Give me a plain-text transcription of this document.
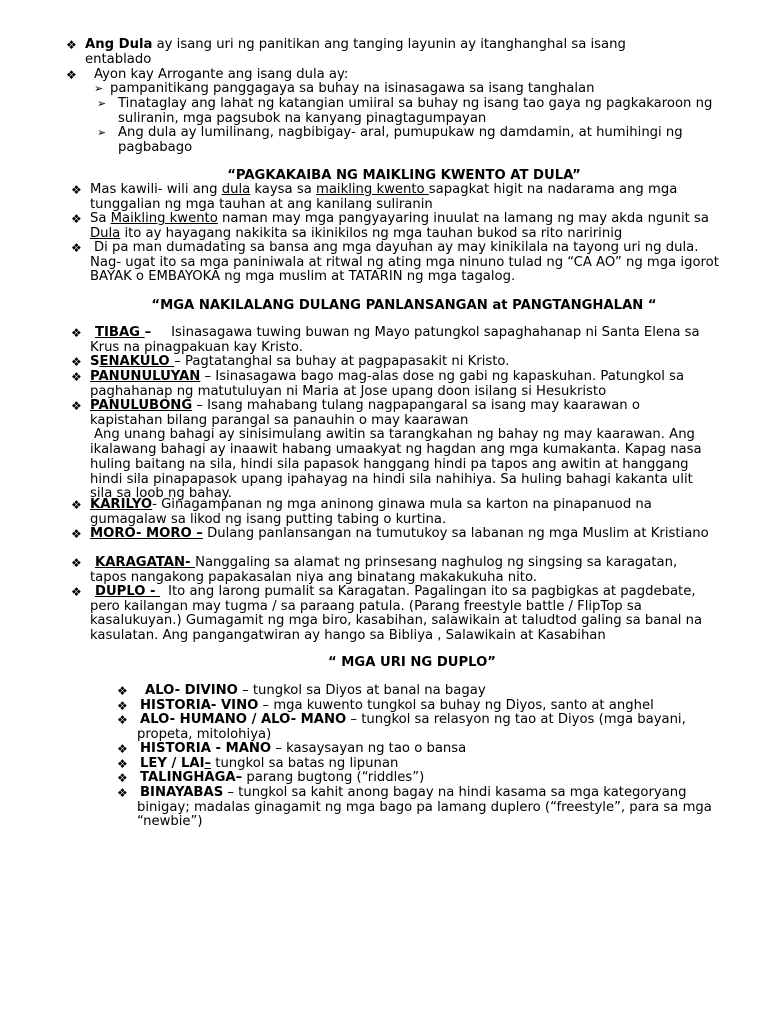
❖ Ang Dula ay isang uri ng panitikan ang tanging layunin ay itanghanghal sa isang entablado
❖ Ayon kay Arrogante ang isang dula ay:
➢ pampanitikang panggagaya sa buhay na isinasagawa sa isang tanghalan
➢ Tinataglay ang lahat ng katangian umiiral sa buhay ng isang tao gaya ng pagkakaroon ng suliranin, mga pagsubok na kanyang pinagtagumpayan
➢ Ang dula ay lumilinang, nagbibigay- aral, pumupukaw ng damdamin, at humihingi ng pagbabago
“PAGKAKAIBA NG MAIKLING KWENTO AT DULA”
❖ Mas kawili- wili ang dula kaysa sa maikling kwento sapagkat higit na nadarama ang mga tunggalian ng mga tauhan at ang kanilang suliranin
❖ Sa Maikling kwento naman may mga pangyayaring inuulat na lamang ng may akda ngunit sa Dula ito ay hayagang nakikita sa ikinikilos ng mga tauhan bukod sa rito naririnig
❖ Di pa man dumadating sa bansa ang mga dayuhan ay may kinikilala na tayong uri ng dula. Nag- ugat ito sa mga paniniwala at ritwal ng ating mga ninuno tulad ng “CA AO” ng mga igorot BAYAK o EMBAYOKA ng mga muslim at TATARIN ng mga tagalog.
“MGA NAKILALANG DULANG PANLANSANGAN at PANGTANGHALAN “
❖	TIBAG – Isinasagawa tuwing buwan ng Mayo patungkol sapaghahanap ni Santa Elena sa Krus na pinagpakuan kay Kristo.
❖ SENAKULO – Pagtatanghal sa buhay at pagpapasakit ni Kristo.
❖ PANUNULUYAN – Isinasagawa bago mag-alas dose ng gabi ng kapaskuhan. Patungkol sa paghahanap ng matutuluyan ni Maria at Jose upang doon isilang si Hesukristo
❖ PANULUBONG – Isang mahabang tulang nagpapangaral sa isang may kaarawan o kapistahan bilang parangal sa panauhin o may kaarawan
Ang unang bahagi ay sinisimulang awitin sa tarangkahan ng bahay ng may kaarawan. Ang ikalawang bahagi ay inaawit habang umaakyat ng hagdan ang mga kumakanta. Kapag nasa huling baitang na sila, hindi sila papasok hanggang hindi pa tapos ang awitin at hanggang hindi sila pinapapasok upang ipahayag na hindi sila nahihiya. Sa huling bahagi kakanta ulit sila sa loob ng bahay.
❖ KARILYO- Ginagampanan ng mga aninong ginawa mula sa karton na pinapanuod na gumagalaw sa likod ng isang putting tabing o kurtina.
❖ MORO- MORO – Dulang panlansangan na tumutukoy sa labanan ng mga Muslim at Kristiano
❖	KARAGATAN- Nanggaling sa alamat ng prinsesang naghulog ng singsing sa karagatan, tapos nangakong papakasalan niya ang binatang makakukuha nito.
❖	DUPLO - Ito ang larong pumalit sa Karagatan. Pagalingan ito sa pagbigkas at pagdebate, pero kailangan may tugma / sa paraang patula. (Parang freestyle battle / FlipTop sa kasalukuyan.) Gumagamit ng mga biro, kasabihan, salawikain at taludtod galing sa banal na kasulatan. Ang pangangatwiran ay hango sa Bibliya , Salawikain at Kasabihan
“ MGA URI NG DUPLO”
❖	ALO- DIVINO – tungkol sa Diyos at banal na bagay
❖ HISTORIA- VINO – mga kuwento tungkol sa buhay ng Diyos, santo at anghel
❖ ALO- HUMANO / ALO- MANO – tungkol sa relasyon ng tao at Diyos (mga bayani, propeta, mitolohiya)
❖ HISTORIA - MANO – kasaysayan ng tao o bansa
❖ LEY / LAI– tungkol sa batas ng lipunan
❖ TALINGHAGA– parang bugtong (“riddles”)
❖ BINAYABAS – tungkol sa kahit anong bagay na hindi kasama sa mga kategoryang binigay; madalas ginagamit ng mga bago pa lamang duplero (“freestyle”, para sa mga “newbie”)
